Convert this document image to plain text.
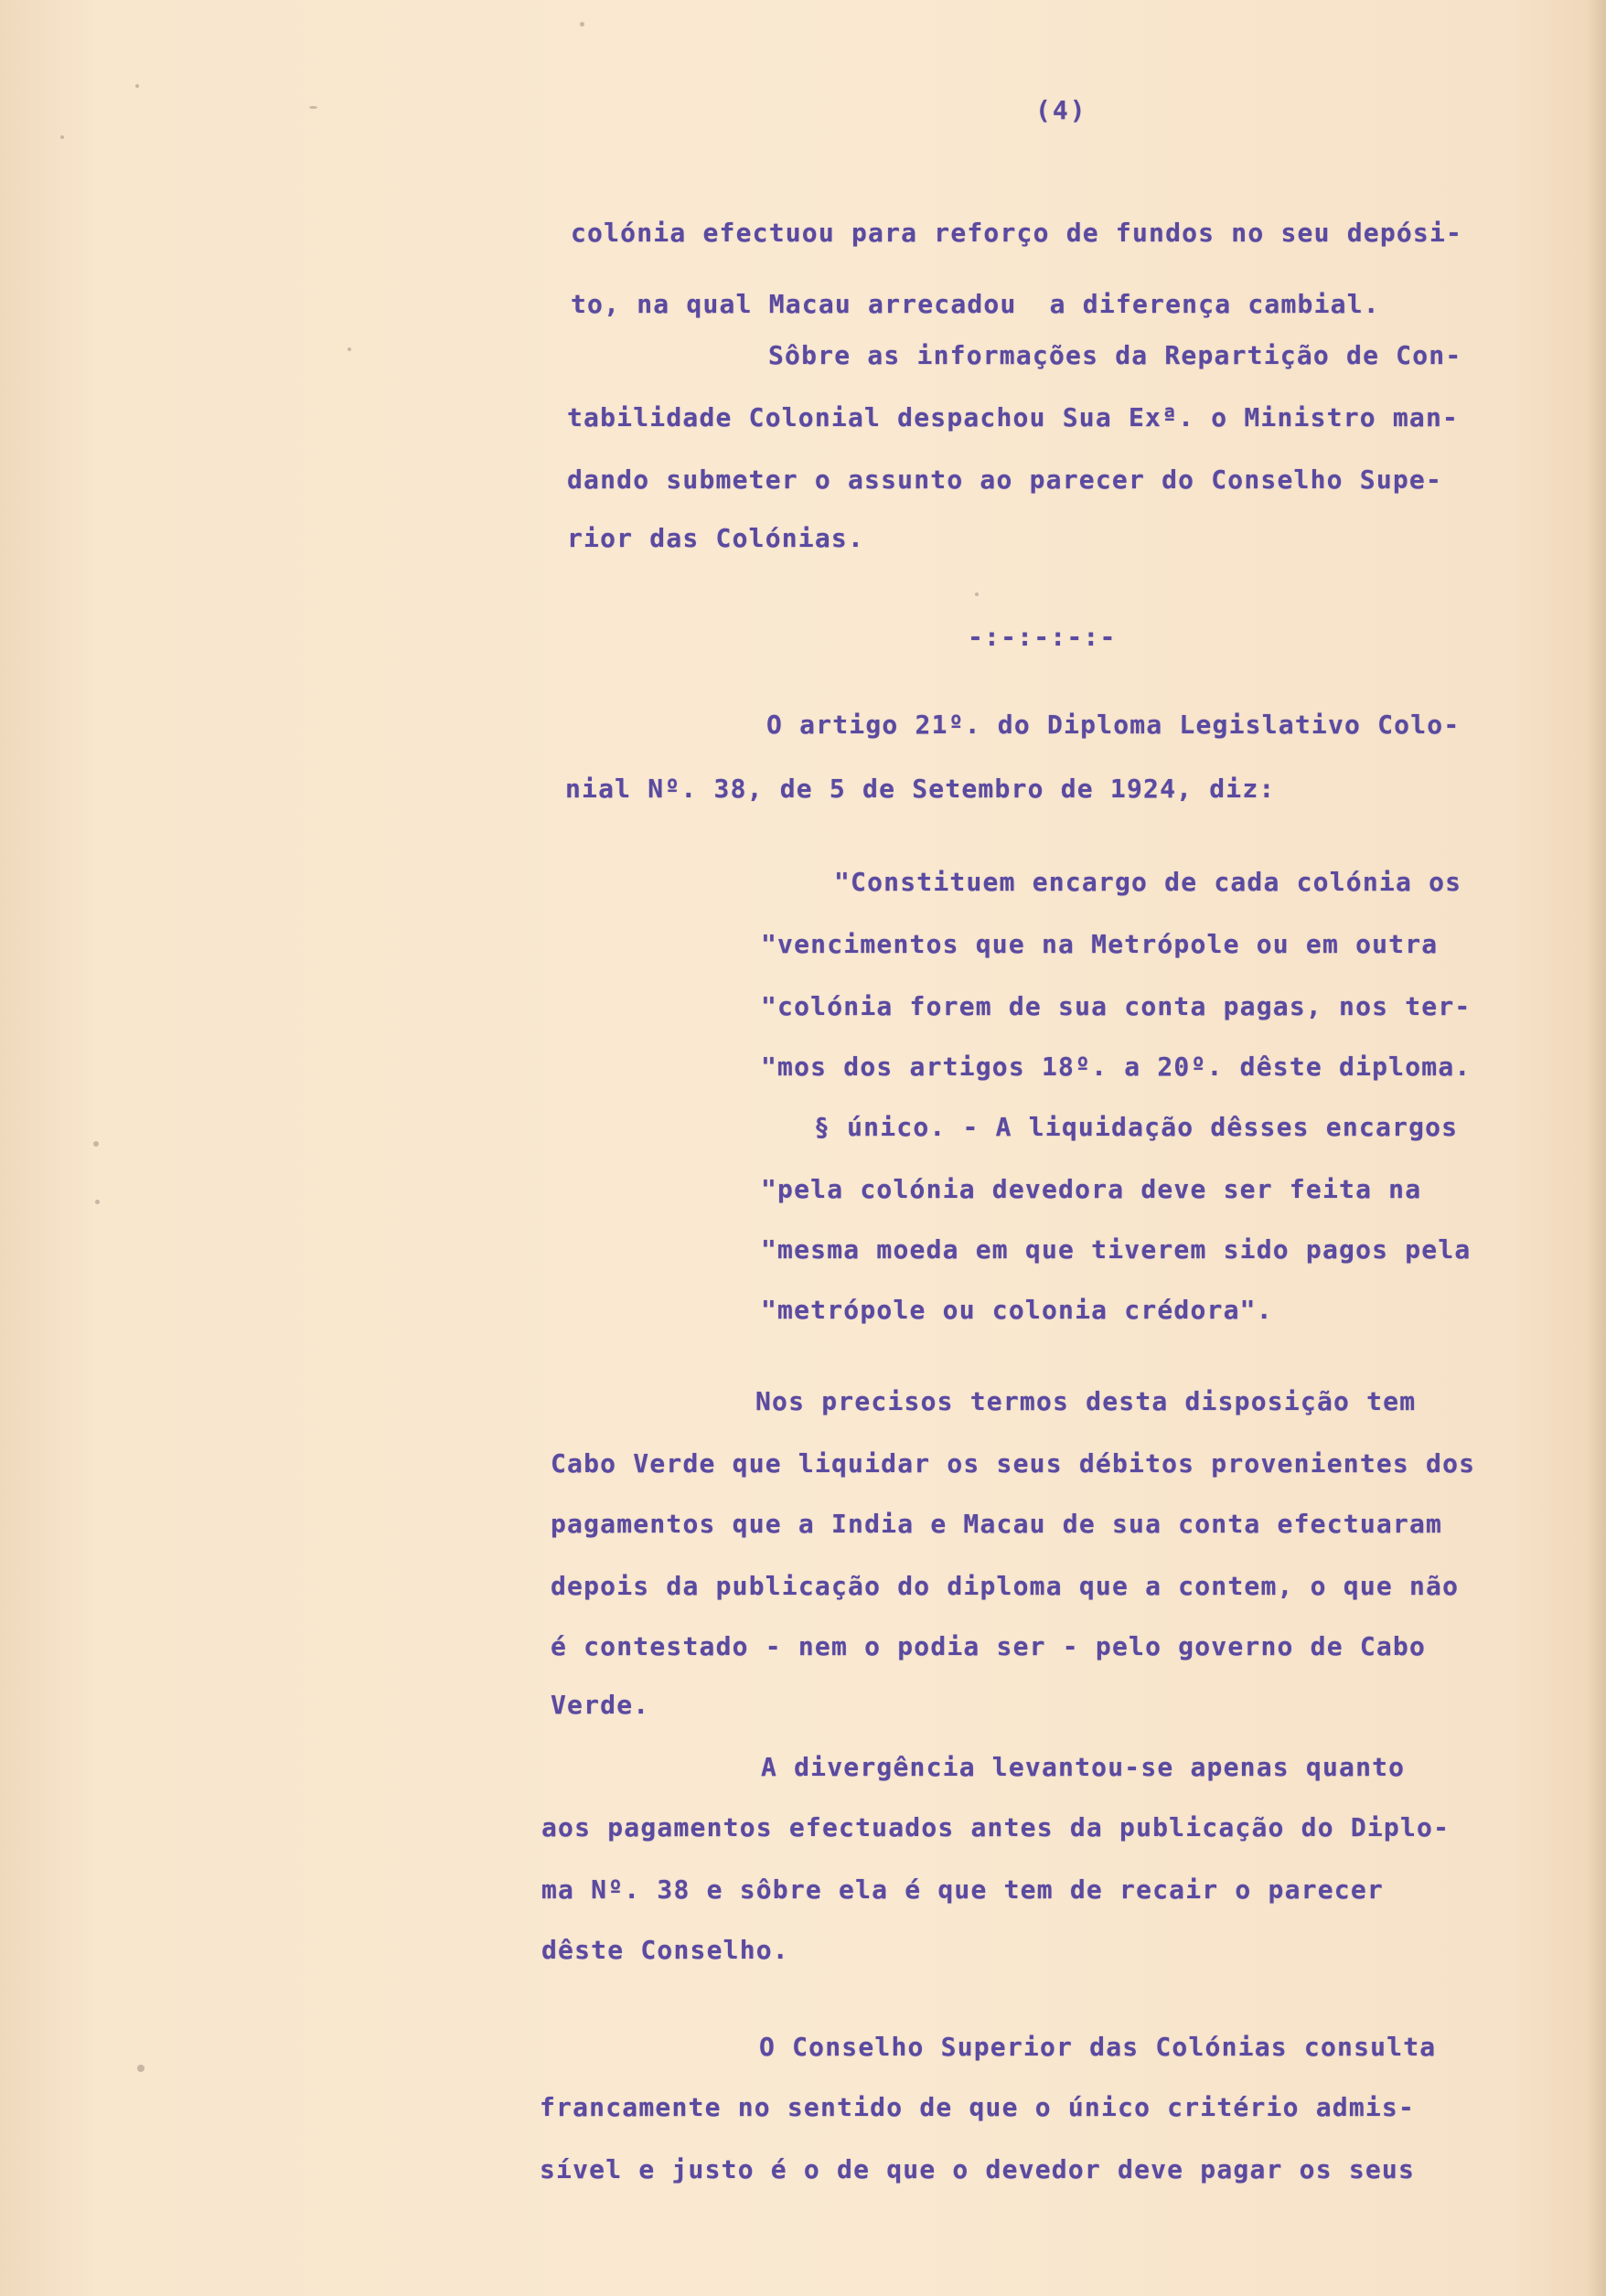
(4)

colónia efectuou para reforço de fundos no seu depósi-

to, na qual Macau arrecadou  a diferença cambial.

Sôbre as informações da Repartição de Con-

tabilidade Colonial despachou Sua Exª. o Ministro man-

dando submeter o assunto ao parecer do Conselho Supe-

rior das Colónias.

-:-:-:-:-

O artigo 21º. do Diploma Legislativo Colo-

nial Nº. 38, de 5 de Setembro de 1924, diz:

"Constituem encargo de cada colónia os

"vencimentos que na Metrópole ou em outra

"colónia forem de sua conta pagas, nos ter-

"mos dos artigos 18º. a 20º. dêste diploma.

§ único. - A liquidação dêsses encargos

"pela colónia devedora deve ser feita na

"mesma moeda em que tiverem sido pagos pela

"metrópole ou colonia crédora".

Nos precisos termos desta disposição tem

Cabo Verde que liquidar os seus débitos provenientes dos

pagamentos que a India e Macau de sua conta efectuaram

depois da publicação do diploma que a contem, o que não

é contestado - nem o podia ser - pelo governo de Cabo

Verde.

A divergência levantou-se apenas quanto

aos pagamentos efectuados antes da publicação do Diplo-

ma Nº. 38 e sôbre ela é que tem de recair o parecer

dêste Conselho.

O Conselho Superior das Colónias consulta

francamente no sentido de que o único critério admis-

sível e justo é o de que o devedor deve pagar os seus
